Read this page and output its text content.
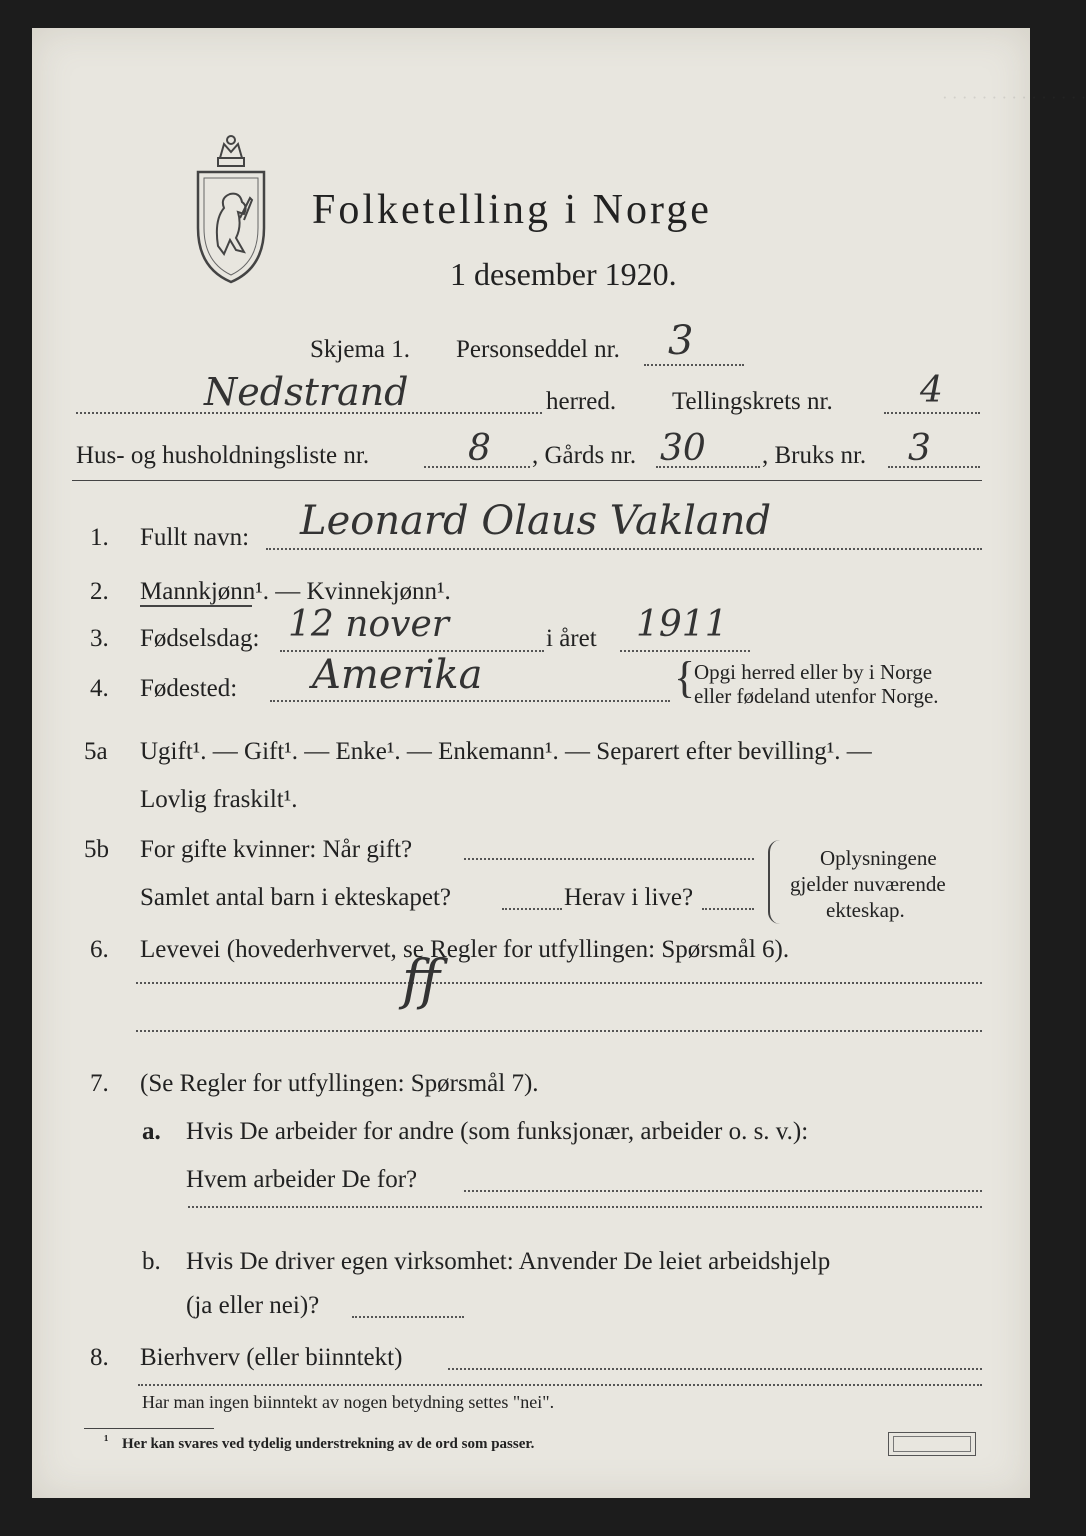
· · · · · · · · · · · · · · ·
Folketelling i Norge
1 desember 1920.
Skjema 1. Personseddel nr. 3
Nedstrand	herred. Tellingskrets nr. 4
Hus- og husholdningsliste nr.	8 , Gårds nr. 30 , Bruks nr. 3
1. Fullt navn: Leonard Olaus Vakland
2. Mannkjønn¹. — Kvinnekjønn¹.
3. Fødselsdag: 12 nover	i året 1911
4. Fødested: Amerika	{
Opgi herred eller by i Norge
eller fødeland utenfor Norge.
5a Ugift¹. — Gift¹. — Enke¹. — Enkemann¹. — Separert efter bevilling¹. —
Lovlig fraskilt¹.
5b For gifte kvinner: Når gift?
Samlet antal barn i ekteskapet?	Herav i live?
Oplysningene
gjelder nuværende
ekteskap.
6. Levevei (hovederhvervet, se Regler for utfyllingen: Spørsmål 6).
ff
7. (Se Regler for utfyllingen: Spørsmål 7).
a. Hvis De arbeider for andre (som funksjonær, arbeider o. s. v.):
Hvem arbeider De for?
b. Hvis De driver egen virksomhet: Anvender De leiet arbeidshjelp
(ja eller nei)?
8. Bierhverv (eller biinntekt)
Har man ingen biinntekt av nogen betydning settes "nei".
¹ Her kan svares ved tydelig understrekning av de ord som passer.
